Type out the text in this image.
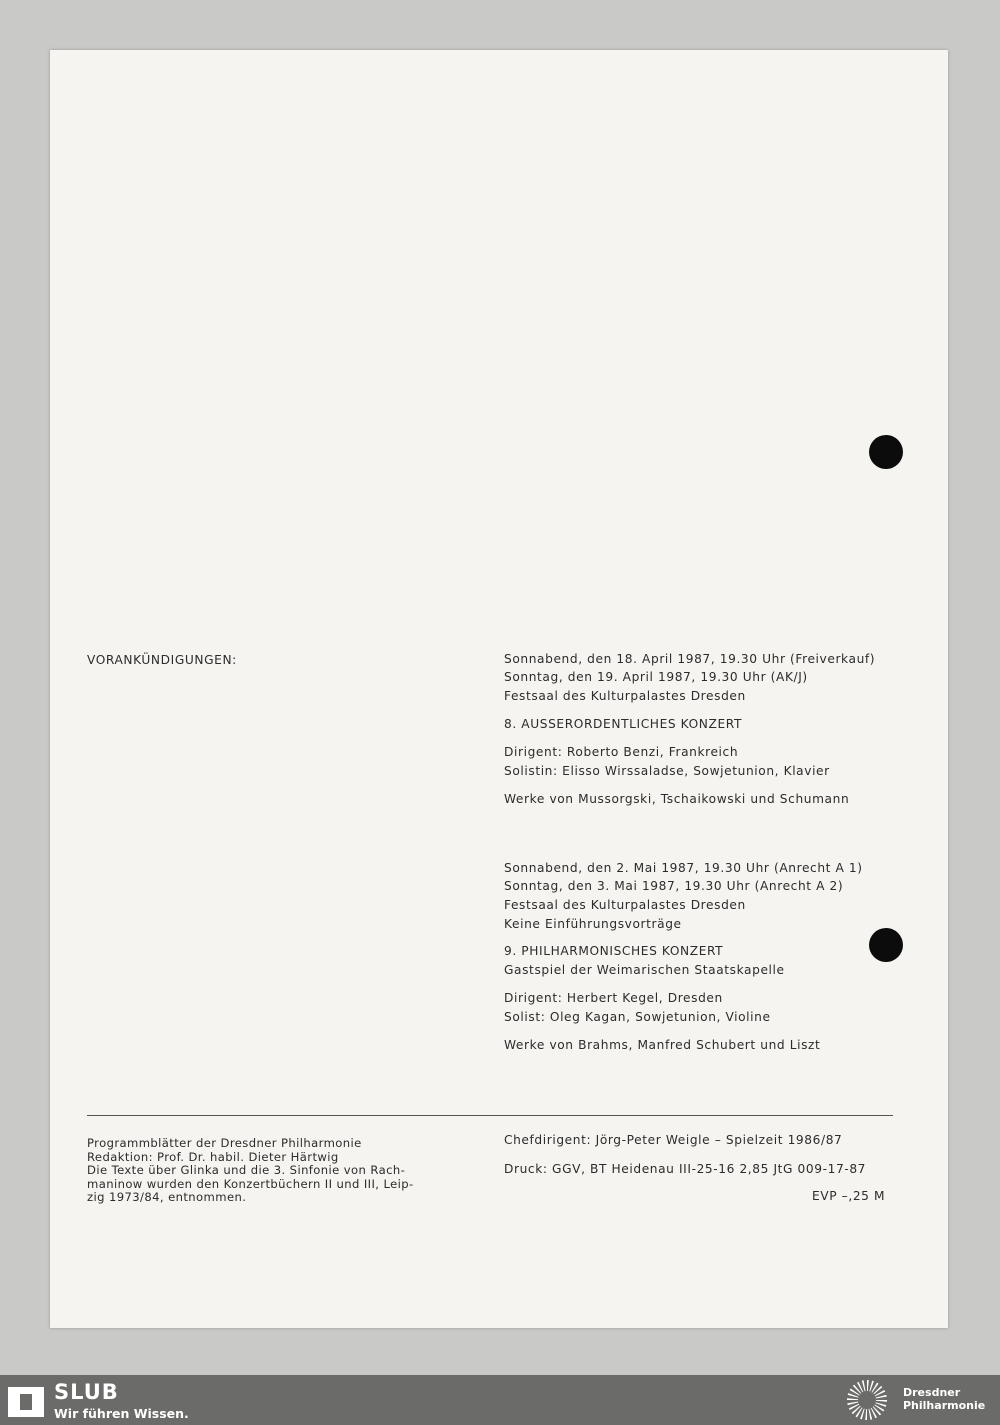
VORANKÜNDIGUNGEN:	Sonnabend, den 18. April 1987, 19.30 Uhr (Freiverkauf)
Sonntag, den 19. April 1987, 19.30 Uhr (AK/J)
Festsaal des Kulturpalastes Dresden
8. AUSSERORDENTLICHES KONZERT
Dirigent: Roberto Benzi, Frankreich
Solistin: Elisso Wirssaladse, Sowjetunion, Klavier
Werke von Mussorgski, Tschaikowski und Schumann
Sonnabend, den 2. Mai 1987, 19.30 Uhr (Anrecht A 1)
Sonntag, den 3. Mai 1987, 19.30 Uhr (Anrecht A 2)
Festsaal des Kulturpalastes Dresden
Keine Einführungsvorträge
9. PHILHARMONISCHES KONZERT
Gastspiel der Weimarischen Staatskapelle
Dirigent: Herbert Kegel, Dresden
Solist: Oleg Kagan, Sowjetunion, Violine
Werke von Brahms, Manfred Schubert und Liszt
Programmblätter der Dresdner Philharmonie
Redaktion: Prof. Dr. habil. Dieter Härtwig
Die Texte über Glinka und die 3. Sinfonie von Rach-
maninow wurden den Konzertbüchern II und III, Leip-
zig 1973/84, entnommen.
Chefdirigent: Jörg-Peter Weigle – Spielzeit 1986/87
Druck: GGV, BT Heidenau III-25-16 2,85 JtG 009-17-87
EVP –,25 M
SLUB
Wir führen Wissen.
Dresdner
Philharmonie
